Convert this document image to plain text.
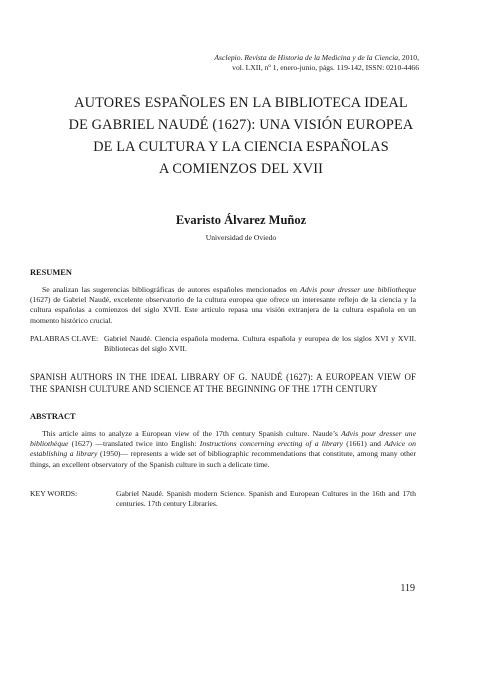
Asclepio. Revista de Historia de la Medicina y de la Ciencia, 2010,
vol. LXII, nº 1, enero-junio, págs. 119-142, ISSN: 0210-4466
AUTORES ESPAÑOLES EN LA BIBLIOTECA IDEAL
DE GABRIEL NAUDÉ (1627): UNA VISIÓN EUROPEA
DE LA CULTURA Y LA CIENCIA ESPAÑOLAS
A COMIENZOS DEL XVII
Evaristo Álvarez Muñoz
Universidad de Oviedo
RESUMEN
Se analizan las sugerencias bibliográficas de autores españoles mencionados en Advis pour dresser une bibliotheque (1627) de Gabriel Naudé, excelente observatorio de la cultura europea que ofrece un interesante reflejo de la ciencia y la cultura españolas a comienzos del siglo XVII. Este artículo repasa una visión extranjera de la cultura española en un momento histórico crucial.
PALABRAS CLAVE: Gabriel Naudé. Ciencia española moderna. Cultura española y europea de los siglos XVI y XVII. Bibliotecas del siglo XVII.
SPANISH AUTHORS IN THE IDEAL LIBRARY OF G. NAUDÉ (1627): A EUROPEAN VIEW OF THE SPANISH CULTURE AND SCIENCE AT THE BEGINNING OF THE 17TH CENTURY
ABSTRACT
This article aims to analyze a European view of the 17th century Spanish culture. Naude’s Advis pour dresser une bibliothèque (1627) —translated twice into English: Instructions concerning erecting of a library (1661) and Advice on establishing a library (1950)— represents a wide set of bibliographic recommendations that constitute, among many other things, an excellent observatory of the Spanish culture in such a delicate time.
KEY WORDS:	Gabriel Naudé. Spanish modern Science. Spanish and European Cultures in the 16th and 17th centuries. 17th century Libraries.
119
